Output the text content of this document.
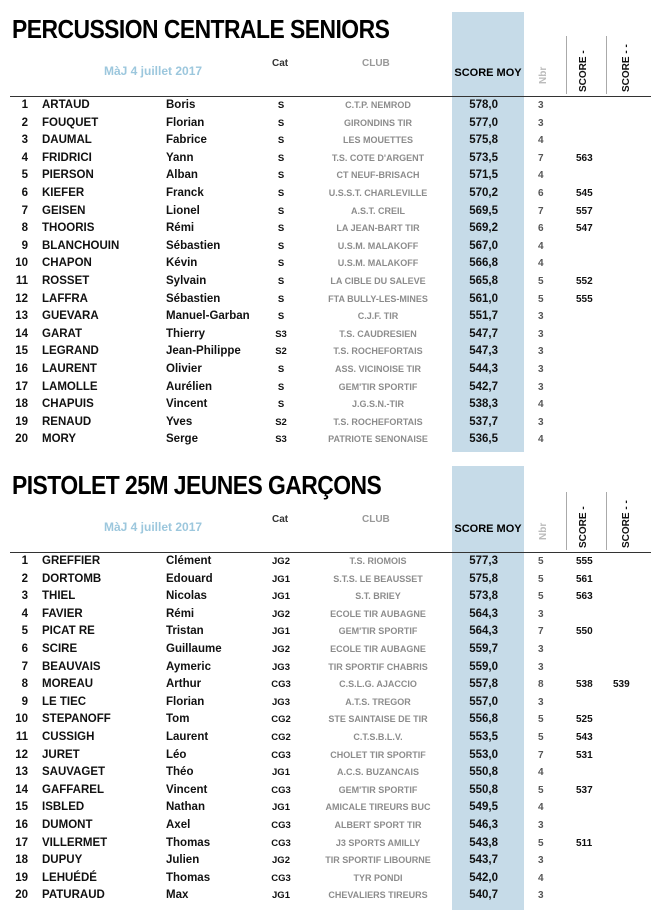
PERCUSSION CENTRALE SENIORS
MàJ 4 juillet 2017
Cat	CLUB
SCORE MOY Nbr	SCORE -	SCORE - -
1 ARTAUD	Boris	S	C.T.P. NEMROD	578,0	3
2 FOUQUET	Florian	S	GIRONDINS TIR	577,0	3
3 DAUMAL	Fabrice	S	LES MOUETTES	575,8	4
4 FRIDRICI	Yann	S	T.S. COTE D'ARGENT	573,5	7	563
5 PIERSON	Alban	S	CT NEUF-BRISACH	571,5	4
6 KIEFER	Franck	S	U.S.S.T. CHARLEVILLE	570,2	6	545
7 GEISEN	Lionel	S	A.S.T. CREIL	569,5	7	557
8 THOORIS	Rémi	S	LA JEAN-BART TIR	569,2	6	547
9 BLANCHOUIN	Sébastien	S	U.S.M. MALAKOFF	567,0	4
10 CHAPON	Kévin	S	U.S.M. MALAKOFF	566,8	4
11 ROSSET	Sylvain	S	LA CIBLE DU SALEVE	565,8	5	552
12 LAFFRA	Sébastien	S	FTA BULLY-LES-MINES	561,0	5	555
13 GUEVARA	Manuel-Garban	S	C.J.F. TIR	551,7	3
14 GARAT	Thierry	S3	T.S. CAUDRESIEN	547,7	3
15 LEGRAND	Jean-Philippe	S2	T.S. ROCHEFORTAIS	547,3	3
16 LAURENT	Olivier	S	ASS. VICINOISE TIR	544,3	3
17 LAMOLLE	Aurélien	S	GEM'TIR SPORTIF	542,7	3
18 CHAPUIS	Vincent	S	J.G.S.N.-TIR	538,3	4
19 RENAUD	Yves	S2	T.S. ROCHEFORTAIS	537,7	3
20 MORY	Serge	S3	PATRIOTE SENONAISE	536,5	4
PISTOLET 25M JEUNES GARÇONS
MàJ 4 juillet 2017
Cat	CLUB
SCORE MOY Nbr	SCORE -	SCORE - -
1 GREFFIER	Clément	JG2	T.S. RIOMOIS	577,3	5	555
2 DORTOMB	Edouard	JG1	S.T.S. LE BEAUSSET	575,8	5	561
3 THIEL	Nicolas	JG1	S.T. BRIEY	573,8	5	563
4 FAVIER	Rémi	JG2	ECOLE TIR AUBAGNE	564,3	3
5 PICAT RE	Tristan	JG1	GEM'TIR SPORTIF	564,3	7	550
6 SCIRE	Guillaume	JG2	ECOLE TIR AUBAGNE	559,7	3
7 BEAUVAIS	Aymeric	JG3	TIR SPORTIF CHABRIS	559,0	3
8 MOREAU	Arthur	CG3	C.S.L.G. AJACCIO	557,8	8	538 539
9 LE TIEC	Florian	JG3	A.T.S. TREGOR	557,0	3
10 STEPANOFF	Tom	CG2	STE SAINTAISE DE TIR	556,8	5	525
11 CUSSIGH	Laurent	CG2	C.T.S.B.L.V.	553,5	5	543
12 JURET	Léo	CG3	CHOLET TIR SPORTIF	553,0	7	531
13 SAUVAGET	Théo	JG1	A.C.S. BUZANCAIS	550,8	4
14 GAFFAREL	Vincent	CG3	GEM'TIR SPORTIF	550,8	5	537
15 ISBLED	Nathan	JG1	AMICALE TIREURS BUC	549,5	4
16 DUMONT	Axel	CG3	ALBERT SPORT TIR	546,3	3
17 VILLERMET	Thomas	CG3	J3 SPORTS AMILLY	543,8	5	511
18 DUPUY	Julien	JG2	TIR SPORTIF LIBOURNE	543,7	3
19 LEHUÉDÉ	Thomas	CG3	TYR PONDI	542,0	4
20 PATURAUD	Max	JG1	CHEVALIERS TIREURS	540,7	3
